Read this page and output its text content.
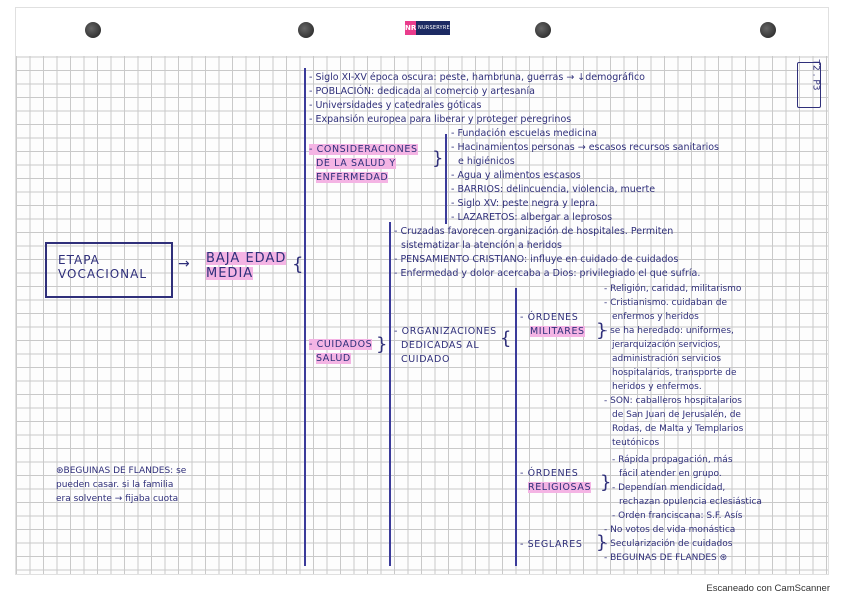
NR NURSERYRESUS
T2 . P3
ETAPA
VOCACIONAL
→ BAJA EDAD
MEDIA {
⊛BEGUINAS DE FLANDES: se
pueden casar. si la familia
era solvente → fijaba cuota
- Siglo XI-XV época oscura: peste, hambruna, guerras → ↓demográfico
- POBLACIÓN: dedicada al comercio y artesanía
- Universidades y catedrales góticas
- Expansión europea para liberar y proteger peregrinos
- CONSIDERACIONES
DE LA SALUD Y
ENFERMEDAD
}
- Fundación escuelas medicina
- Hacinamientos personas → escasos recursos sanitarios
e higiénicos
- Agua y alimentos escasos
- BARRIOS: delincuencia, violencia, muerte
- Siglo XV: peste negra y lepra.
- LAZARETOS: albergar a leprosos
- Cruzadas favorecen organización de hospitales. Permiten
sistematizar la atención a heridos
- PENSAMIENTO CRISTIANO: influye en cuidado de cuidados
- Enfermedad y dolor acercaba a Dios: privilegiado el que sufría.
- CUIDADOS
SALUD
}
- ORGANIZACIONES
DEDICADAS AL
CUIDADO
{
- ÓRDENES
MILITARES }
- Religión, caridad, militarismo
- Cristianismo. cuidaban de
enfermos y heridos
- se ha heredado: uniformes,
jerarquización servicios,
administración servicios
hospitalarios, transporte de
heridos y enfermos.
- SON: caballeros hospitalarios
de San Juan de Jerusalén, de
Rodas, de Malta y Templarios
teutónicos
- ÓRDENES
RELIGIOSAS }
- Rápida propagación, más
fácil atender en grupo.
- Dependían mendicidad,
rechazan opulencia eclesiástica
- Orden franciscana: S.F. Asís
- SEGLARES }
- No votos de vida monástica
- Secularización de cuidados
- BEGUINAS DE FLANDES ⊛
Escaneado con CamScanner
